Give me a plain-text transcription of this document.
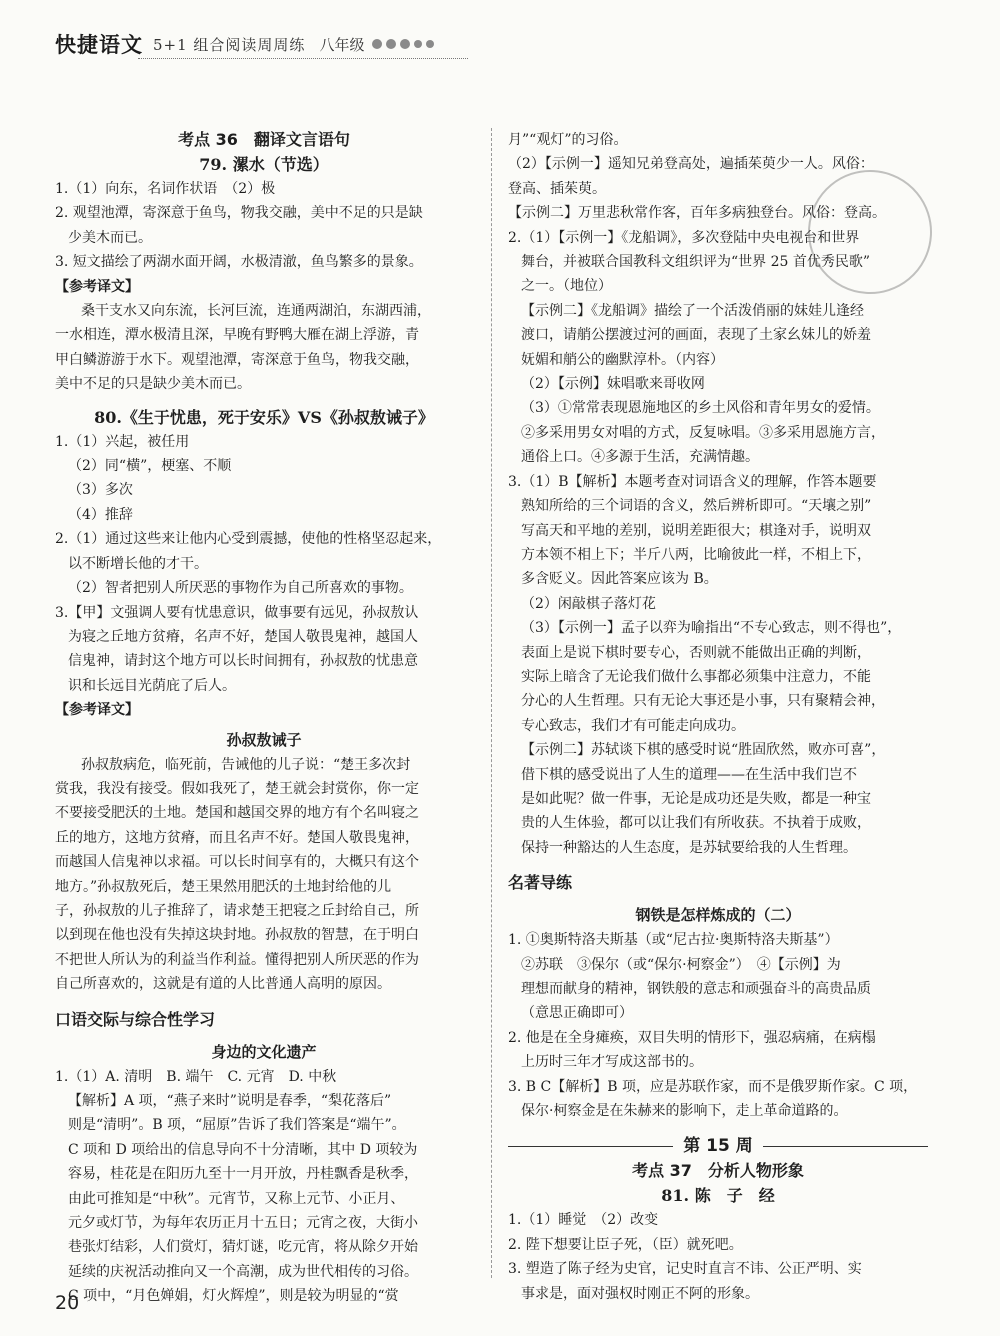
快捷语文 5+1 组合阅读周周练 八年级
考点 36　翻译文言语句
79. 漯水（节选）
1.（1）向东，名词作状语　（2）极
2. 观望池潭，寄深意于鱼鸟，物我交融，美中不足的只是缺
少美木而已。
3. 短文描绘了两湖水面开阔，水极清澈，鱼鸟繁多的景象。
【参考译文】
桑干支水又向东流，长河巨流，连通两湖泊，东湖西浦，
一水相连，潭水极清且深，早晚有野鸭大雁在湖上浮游，青
甲白鳞游游于水下。观望池潭，寄深意于鱼鸟，物我交融，
美中不足的只是缺少美木而已。
80.《生于忧患，死于安乐》VS《孙叔敖诫子》
1.（1）兴起，被任用
（2）同“横”，梗塞、不顺
（3）多次
（4）推辞
2.（1）通过这些来让他内心受到震撼，使他的性格坚忍起来，
以不断增长他的才干。
（2）智者把别人所厌恶的事物作为自己所喜欢的事物。
3.【甲】文强调人要有忧患意识，做事要有远见，孙叔敖认
为寝之丘地方贫瘠，名声不好，楚国人敬畏鬼神，越国人
信鬼神，请封这个地方可以长时间拥有，孙叔敖的忧患意
识和长远目光荫庇了后人。
【参考译文】
孙叔敖诫子
孙叔敖病危，临死前，告诫他的儿子说：“楚王多次封
赏我，我没有接受。假如我死了，楚王就会封赏你，你一定
不要接受肥沃的土地。楚国和越国交界的地方有个名叫寝之
丘的地方，这地方贫瘠，而且名声不好。楚国人敬畏鬼神，
而越国人信鬼神以求福。可以长时间享有的，大概只有这个
地方。”孙叔敖死后，楚王果然用肥沃的土地封给他的儿
子，孙叔敖的儿子推辞了，请求楚王把寝之丘封给自己，所
以到现在他也没有失掉这块封地。孙叔敖的智慧，在于明白
不把世人所认为的利益当作利益。懂得把别人所厌恶的作为
自己所喜欢的，这就是有道的人比普通人高明的原因。
口语交际与综合性学习
身边的文化遗产
1.（1）A. 清明　B. 端午　C. 元宵　D. 中秋
【解析】A 项，“燕子来时”说明是春季，“梨花落后”
则是“清明”。B 项，“屈原”告诉了我们答案是“端午”。
C 项和 D 项给出的信息导向不十分清晰，其中 D 项较为
容易，桂花是在阳历九至十一月开放，丹桂飘香是秋季，
由此可推知是“中秋”。元宵节，又称上元节、小正月、
元夕或灯节，为每年农历正月十五日；元宵之夜，大街小
巷张灯结彩，人们赏灯，猜灯谜，吃元宵，将从除夕开始
延续的庆祝活动推向又一个高潮，成为世代相传的习俗。
C 项中，“月色婵娟，灯火辉煌”，则是较为明显的“赏
月”“观灯”的习俗。
（2）【示例一】遥知兄弟登高处，遍插茱萸少一人。风俗：
登高、插茱萸。
【示例二】万里悲秋常作客，百年多病独登台。风俗：登高。
2.（1）【示例一】《龙船调》，多次登陆中央电视台和世界
舞台，并被联合国教科文组织评为“世界 25 首优秀民歌”
之一。（地位）
【示例二】《龙船调》描绘了一个活泼俏丽的妹娃儿逢经
渡口，请艄公摆渡过河的画面，表现了土家幺妹儿的娇羞
妩媚和艄公的幽默淳朴。（内容）
（2）【示例】妹唱歌来哥收网
（3）①常常表现恩施地区的乡土风俗和青年男女的爱情。
②多采用男女对唱的方式，反复咏唱。③多采用恩施方言，
通俗上口。④多源于生活，充满情趣。
3.（1）B【解析】本题考查对词语含义的理解，作答本题要
熟知所给的三个词语的含义，然后辨析即可。“天壤之别”
写高天和平地的差别，说明差距很大；棋逢对手，说明双
方本领不相上下；半斤八两，比喻彼此一样，不相上下，
多含贬义。因此答案应该为 B。
（2）闲敲棋子落灯花
（3）【示例一】孟子以弈为喻指出“不专心致志，则不得也”，
表面上是说下棋时要专心，否则就不能做出正确的判断，
实际上暗含了无论我们做什么事都必须集中注意力，不能
分心的人生哲理。只有无论大事还是小事，只有聚精会神，
专心致志，我们才有可能走向成功。
【示例二】苏轼谈下棋的感受时说“胜固欣然，败亦可喜”，
借下棋的感受说出了人生的道理——在生活中我们岂不
是如此呢？做一件事，无论是成功还是失败，都是一种宝
贵的人生体验，都可以让我们有所收获。不执着于成败，
保持一种豁达的人生态度，是苏轼要给我的人生哲理。
名著导练
钢铁是怎样炼成的（二）
1. ①奥斯特洛夫斯基（或“尼古拉·奥斯特洛夫斯基”）
②苏联　③保尔（或“保尔·柯察金”）　④【示例】为
理想而献身的精神，钢铁般的意志和顽强奋斗的高贵品质
（意思正确即可）
2. 他是在全身瘫痪，双目失明的情形下，强忍病痛，在病榻
上历时三年才写成这部书的。
3. B C【解析】B 项，应是苏联作家，而不是俄罗斯作家。C 项，
保尔·柯察金是在朱赫来的影响下，走上革命道路的。
第 15 周
考点 37　分析人物形象
81. 陈　子　经
1.（1）睡觉　（2）改变
2. 陛下想要让臣子死，（臣）就死吧。
3. 塑造了陈子经为史官，记史时直言不讳、公正严明、实
事求是，面对强权时刚正不阿的形象。
20
